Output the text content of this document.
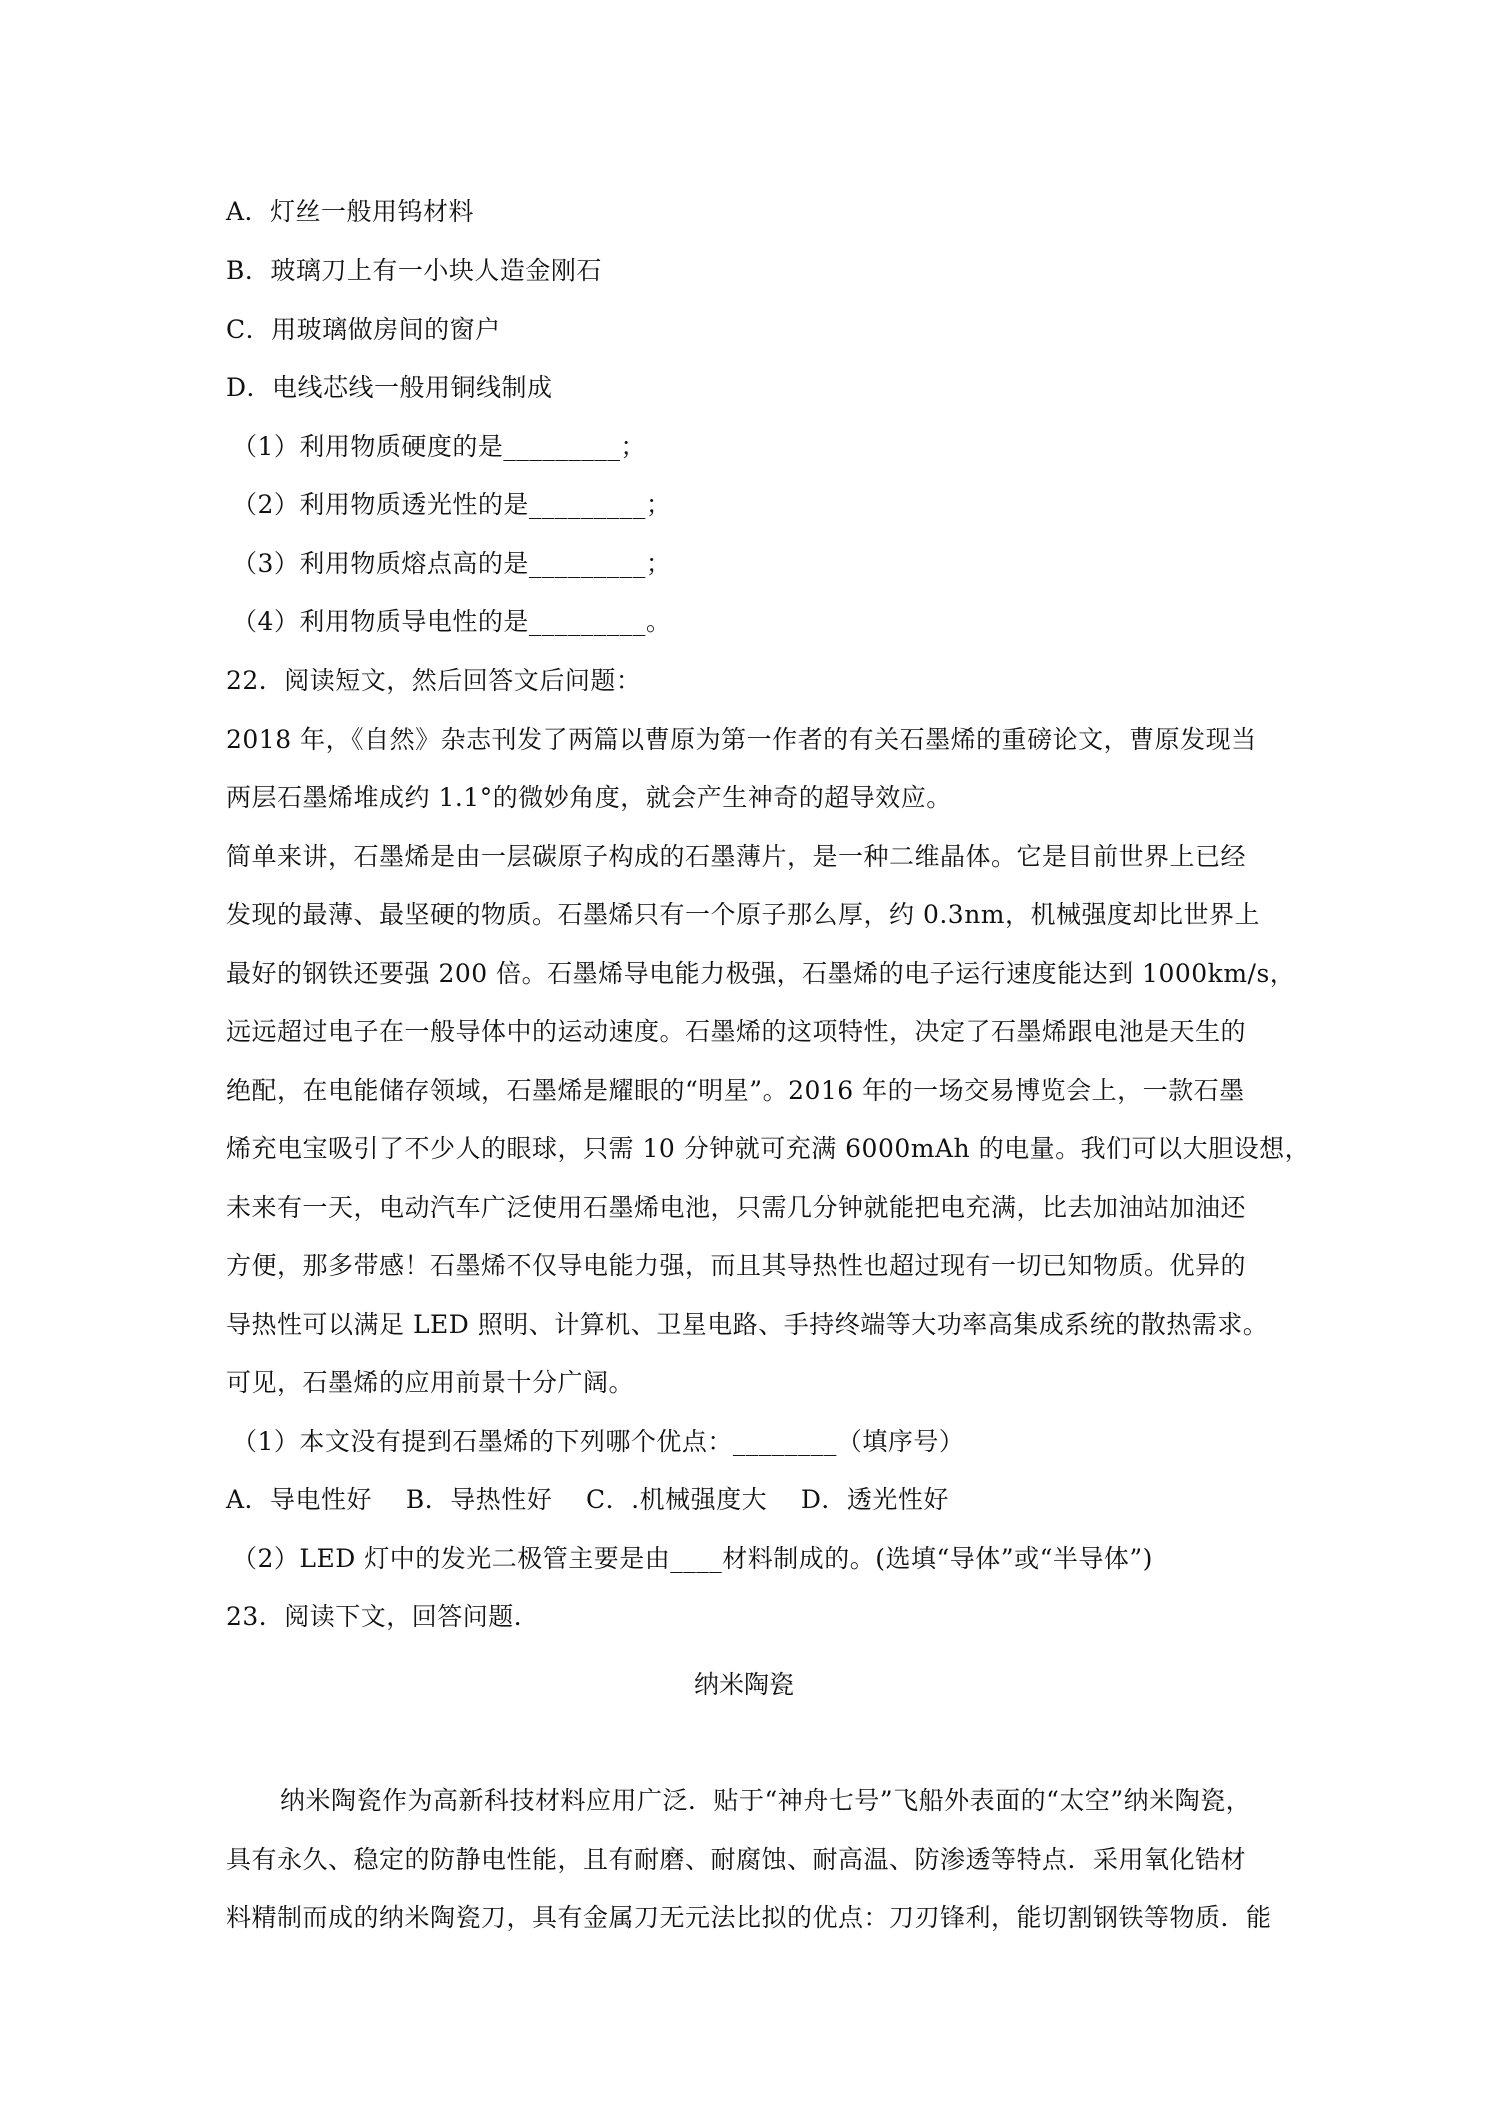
A．灯丝一般用钨材料
B．玻璃刀上有一小块人造金刚石
C．用玻璃做房间的窗户
D．电线芯线一般用铜线制成
（1）利用物质硬度的是_________；
（2）利用物质透光性的是_________；
（3）利用物质熔点高的是_________；
（4）利用物质导电性的是_________。
22．阅读短文，然后回答文后问题：
2018 年，《自然》杂志刊发了两篇以曹原为第一作者的有关石墨烯的重磅论文，曹原发现当
两层石墨烯堆成约 1.1°的微妙角度，就会产生神奇的超导效应。
简单来讲，石墨烯是由一层碳原子构成的石墨薄片，是一种二维晶体。它是目前世界上已经
发现的最薄、最坚硬的物质。石墨烯只有一个原子那么厚，约 0.3nm，机械强度却比世界上
最好的钢铁还要强 200 倍。石墨烯导电能力极强，石墨烯的电子运行速度能达到 1000km/s，
远远超过电子在一般导体中的运动速度。石墨烯的这项特性，决定了石墨烯跟电池是天生的
绝配，在电能储存领域，石墨烯是耀眼的“明星”。2016 年的一场交易博览会上，一款石墨
烯充电宝吸引了不少人的眼球，只需 10 分钟就可充满 6000mAh 的电量。我们可以大胆设想，
未来有一天，电动汽车广泛使用石墨烯电池，只需几分钟就能把电充满，比去加油站加油还
方便，那多带感！石墨烯不仅导电能力强，而且其导热性也超过现有一切已知物质。优异的
导热性可以满足 LED 照明、计算机、卫星电路、手持终端等大功率高集成系统的散热需求。
可见，石墨烯的应用前景十分广阔。
（1）本文没有提到石墨烯的下列哪个优点：________（填序号）
A．导电性好    B．导热性好    C．.机械强度大    D．透光性好
（2）LED 灯中的发光二极管主要是由____材料制成的。(选填“导体”或“半导体”)
23．阅读下文，回答问题．
纳米陶瓷
纳米陶瓷作为高新科技材料应用广泛．贴于“神舟七号”飞船外表面的“太空”纳米陶瓷，
具有永久、稳定的防静电性能，且有耐磨、耐腐蚀、耐高温、防渗透等特点．采用氧化锆材
料精制而成的纳米陶瓷刀，具有金属刀无元法比拟的优点：刀刃锋利，能切割钢铁等物质．能
